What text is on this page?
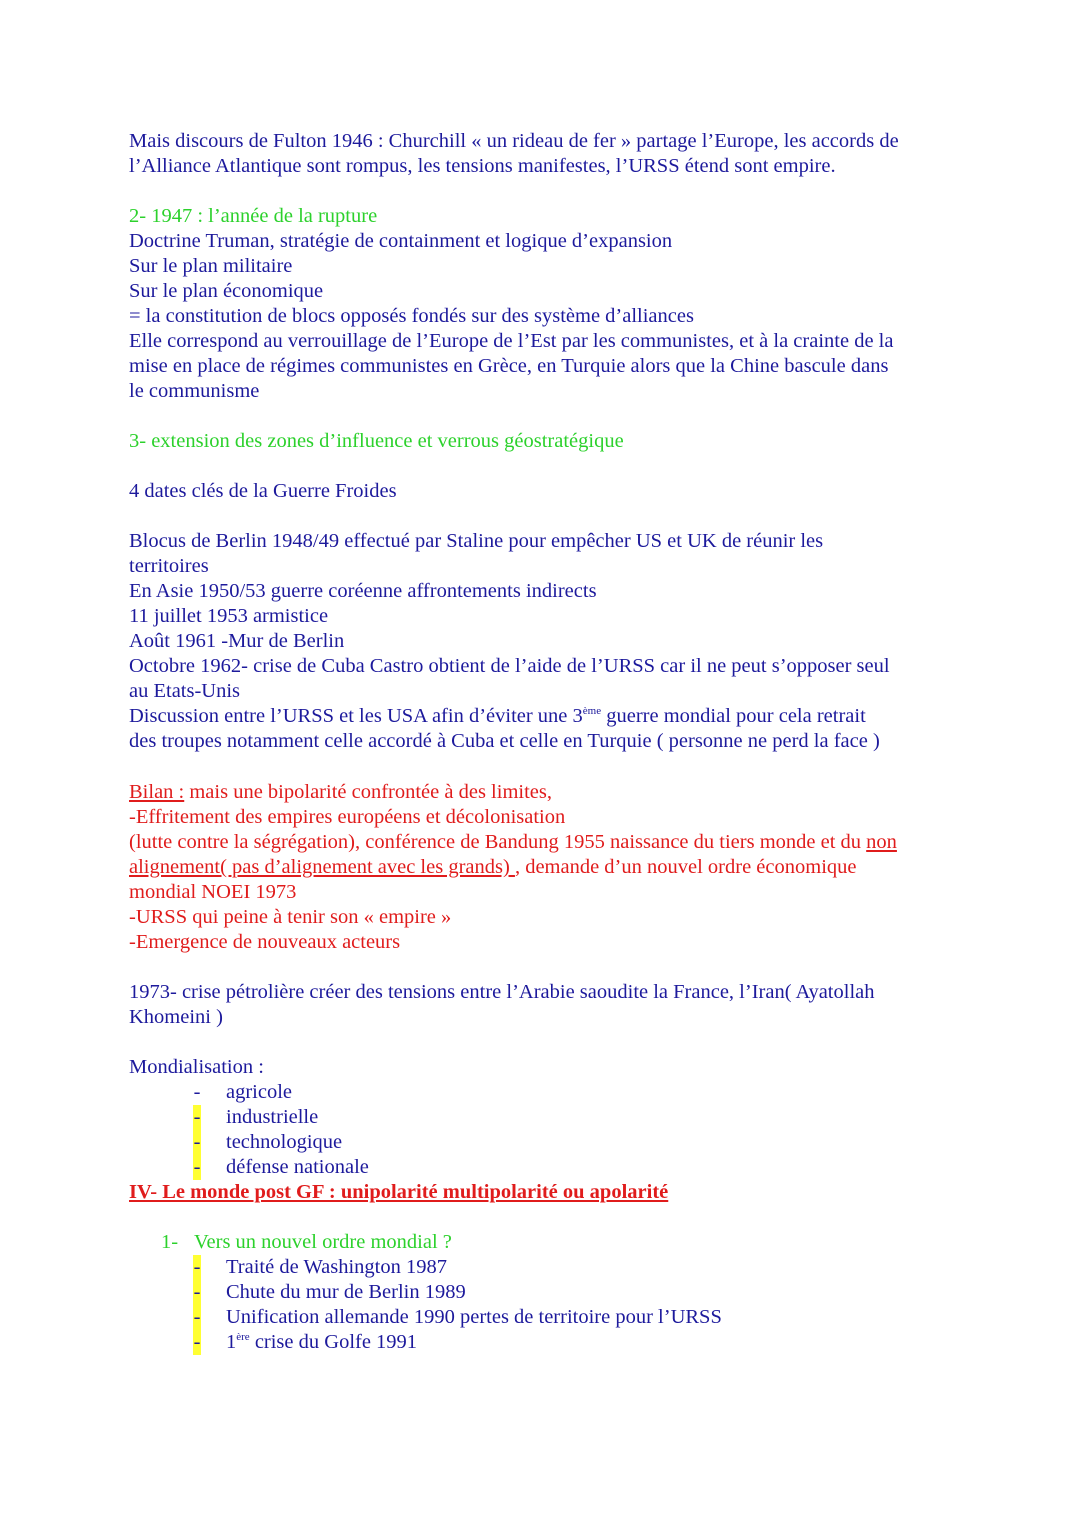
Mais discours de Fulton 1946 : Churchill « un rideau de fer » partage l’Europe, les accords de
l’Alliance Atlantique sont rompus, les tensions manifestes, l’URSS étend sont empire.
2- 1947 : l’année de la rupture
Doctrine Truman, stratégie de containment et logique d’expansion
Sur le plan militaire
Sur le plan économique
= la constitution de blocs opposés fondés sur des système d’alliances
Elle correspond au verrouillage de l’Europe de l’Est par les communistes, et à la crainte de la
mise en place de régimes communistes en Grèce, en Turquie alors que la Chine bascule dans
le communisme
3- extension des zones d’influence et verrous géostratégique
4 dates clés de la Guerre Froides
Blocus de Berlin 1948/49 effectué par Staline pour empêcher US et UK de réunir les
territoires
En Asie 1950/53 guerre coréenne affrontements indirects
11 juillet 1953 armistice
Août 1961 -Mur de Berlin
Octobre 1962- crise de Cuba Castro obtient de l’aide de l’URSS car il ne peut s’opposer seul
au Etats-Unis
Discussion entre l’URSS et les USA afin d’éviter une 3ème guerre mondial pour cela retrait
des troupes notamment celle accordé à Cuba et celle en Turquie ( personne ne perd la face )
Bilan : mais une bipolarité confrontée à des limites,
-Effritement des empires européens et décolonisation
(lutte contre la ségrégation), conférence de Bandung 1955 naissance du tiers monde et du non
alignement( pas d’alignement avec les grands) , demande d’un nouvel ordre économique
mondial NOEI 1973
-URSS qui peine à tenir son « empire »
-Emergence de nouveaux acteurs
1973- crise pétrolière créer des tensions entre l’Arabie saoudite la France, l’Iran( Ayatollah
Khomeini )
Mondialisation :
-	agricole
-	industrielle
-	technologique
-	défense nationale
IV- Le monde post GF : unipolarité multipolarité ou apolarité
1- Vers un nouvel ordre mondial ?
-	Traité de Washington 1987
-	Chute du mur de Berlin 1989
-	Unification allemande 1990 pertes de territoire pour l’URSS
-	1ère crise du Golfe 1991
